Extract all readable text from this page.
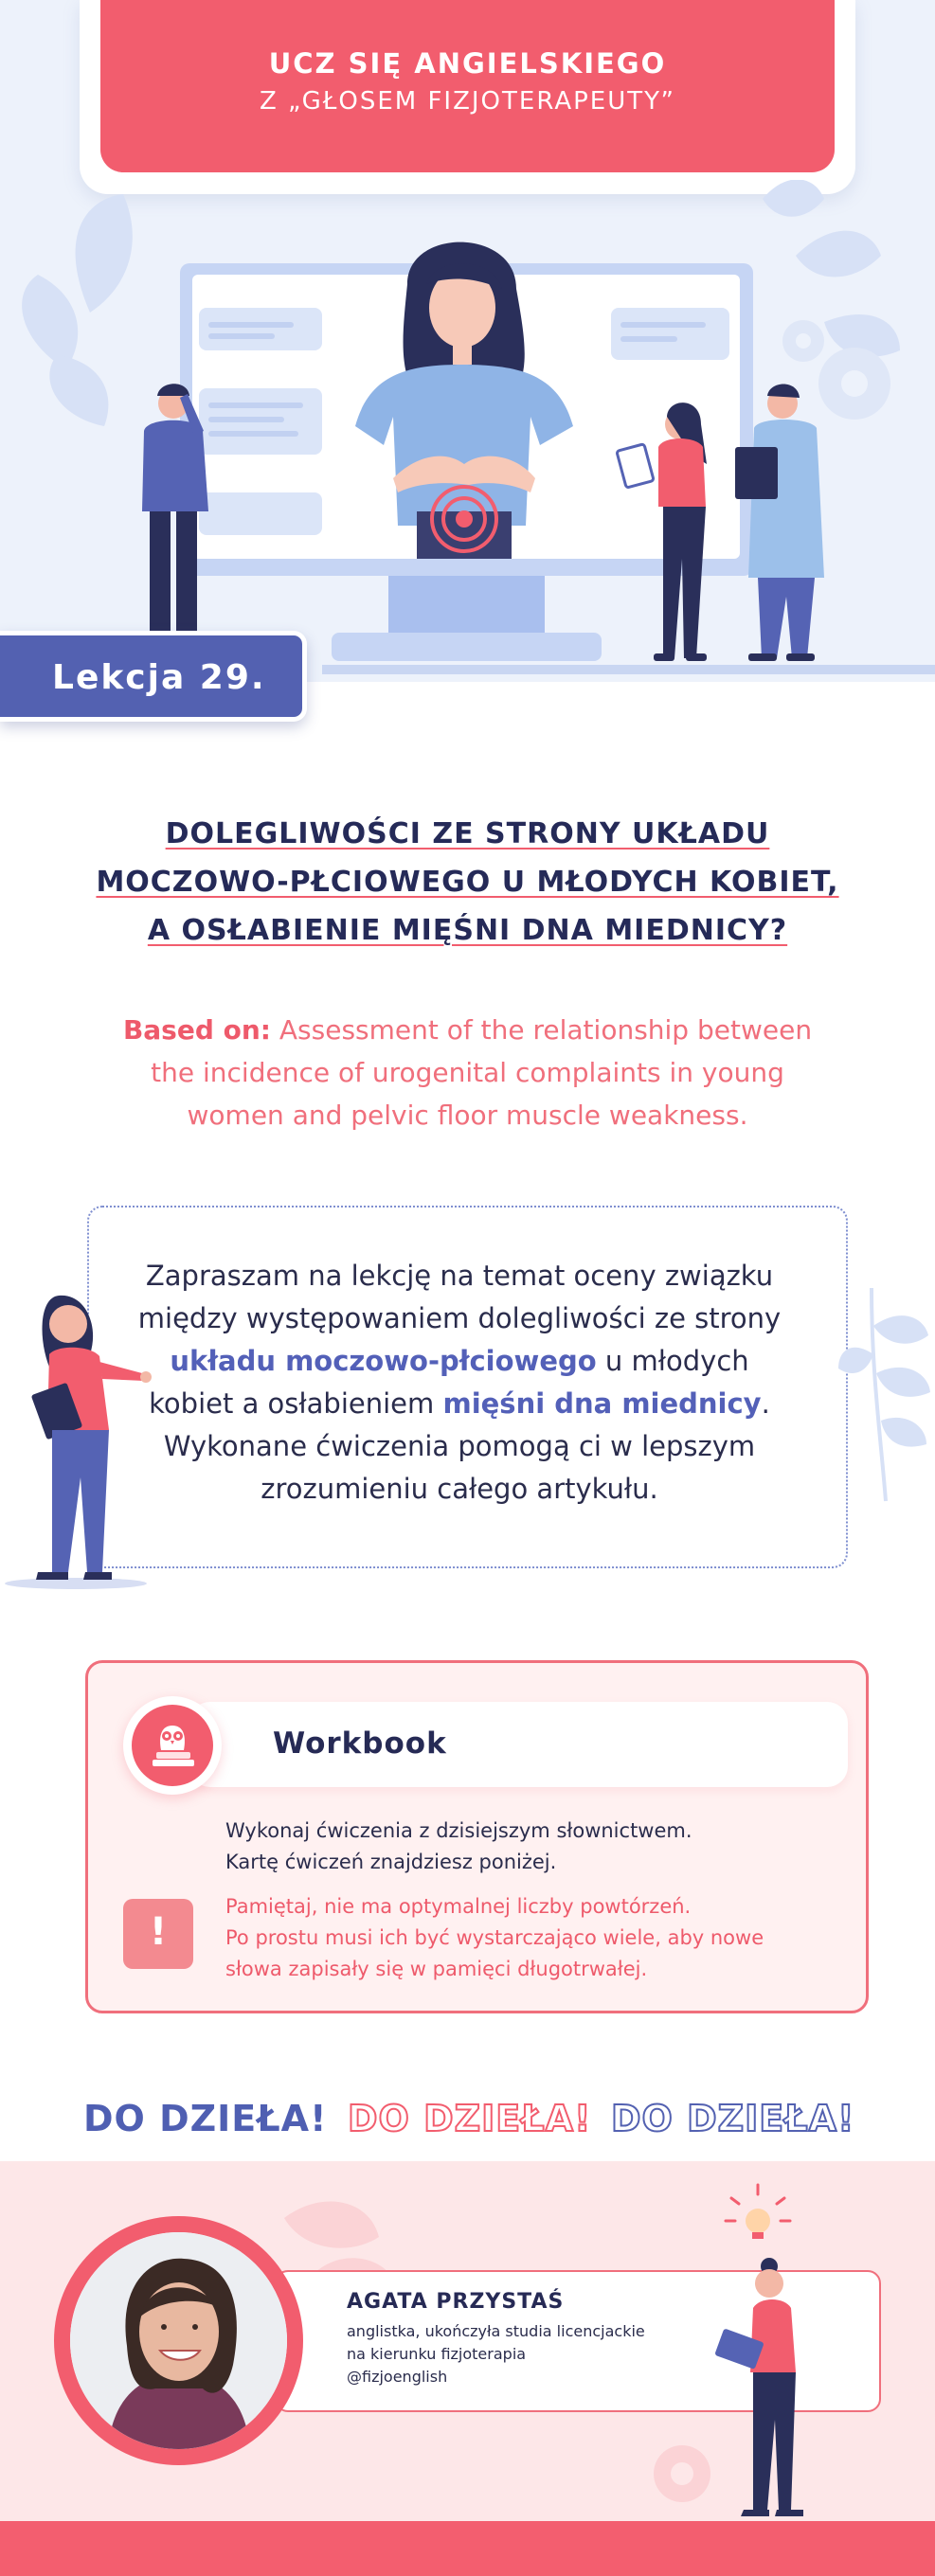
UCZ SIĘ ANGIELSKIEGO
Z „GŁOSEM FIZJOTERAPEUTY”
Lekcja 29.
DOLEGLIWOŚCI ZE STRONY UKŁADU
MOCZOWO-PŁCIOWEGO U MŁODYCH KOBIET,
A OSŁABIENIE MIĘŚNI DNA MIEDNICY?
Based on: Assessment of the relationship between
the incidence of urogenital complaints in young
women and pelvic floor muscle weakness.
Zapraszam na lekcję na temat oceny związku
między występowaniem dolegliwości ze strony
układu moczowo-płciowego u młodych
kobiet a osłabieniem mięśni dna miednicy.
Wykonane ćwiczenia pomogą ci w lepszym
zrozumieniu całego artykułu.
Workbook
Wykonaj ćwiczenia z dzisiejszym słownictwem.
Kartę ćwiczeń znajdziesz poniżej.
!
Pamiętaj, nie ma optymalnej liczby powtórzeń.
Po prostu musi ich być wystarczająco wiele, aby nowe
słowa zapisały się w pamięci długotrwałej.
DO DZIEŁA! DO DZIEŁA! DO DZIEŁA!
AGATA PRZYSTAŚ
anglistka, ukończyła studia licencjackie
na kierunku fizjoterapia
@fizjoenglish
